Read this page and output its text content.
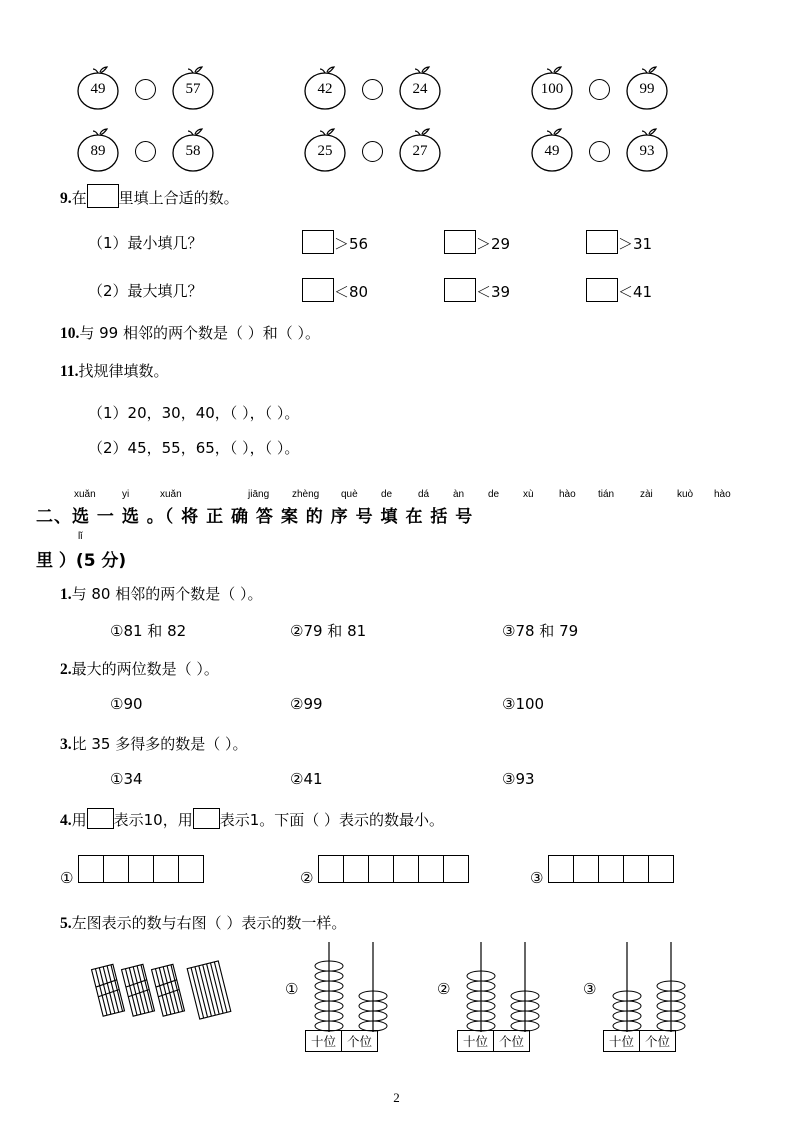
49	57	42	24	100	99
89	58	25	27	49	93
9.在 里填上合适的数。
（1）最小填几？	＞56	＞29	＞31
（2）最大填几？	＜80	＜39	＜41
10.与 99 相邻的两个数是（ ）和（ ）。
11.找规律填数。
（1）20，30，40，（ ），（ ）。
（2）45，55，65，（ ），（ ）。
xuǎn	yi	xuǎn	jiāng zhèng què de	dá àn de xù	hào tián	zài kuò hào
二、选 一 选 。（ 将 正 确 答 案 的 序 号 填 在 括 号
lǐ
里 ）(5 分)
1.与 80 相邻的两个数是（ ）。
①81 和 82	②79 和 81	③78 和 79
2.最大的两位数是（ ）。
①90	②99	③100
3.比 35 多得多的数是（ ）。
①34	②41	③93
4.用 表示10，用 表示1。下面（ ）表示的数最小。
①	②	③
5.左图表示的数与右图（ ）表示的数一样。
①
十位 个位
②
十位 个位
③
十位 个位
2
